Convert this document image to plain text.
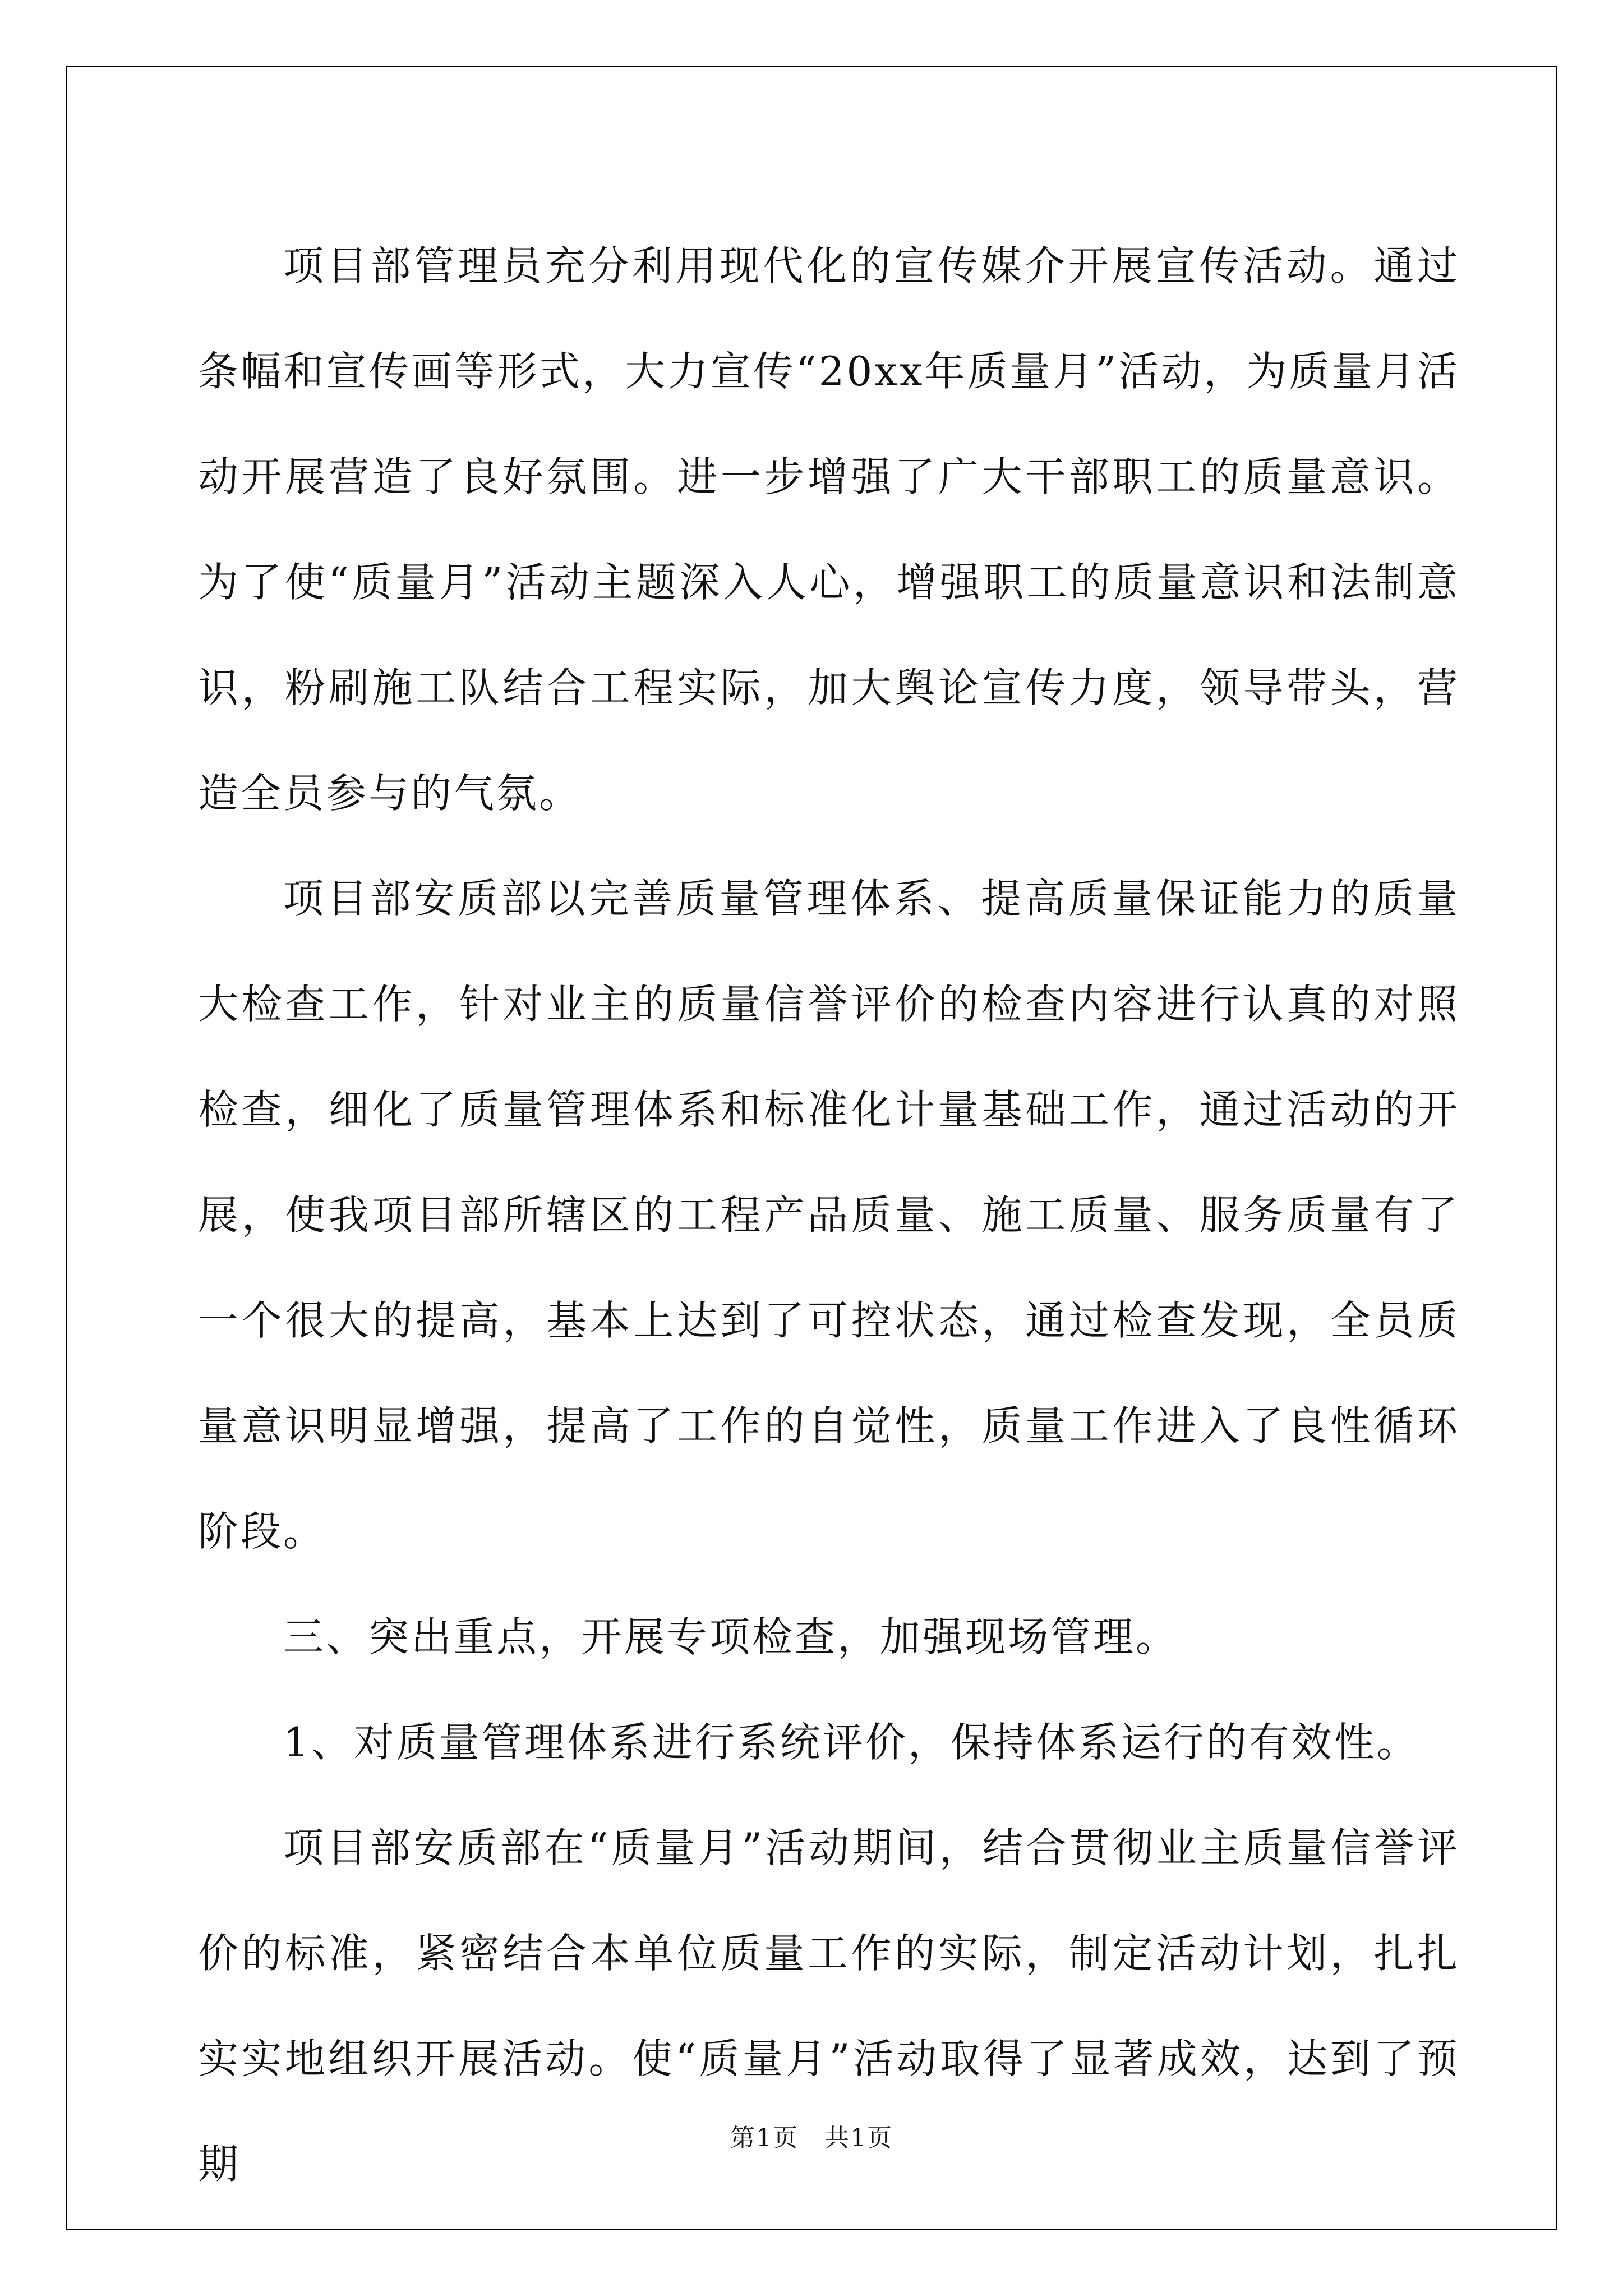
项目部管理员充分利用现代化的宣传媒介开展宣传活动。通过条幅和宣传画等形式，大力宣传“20xx年质量月”活动，为质量月活动开展营造了良好氛围。进一步增强了广大干部职工的质量意识。为了使“质量月”活动主题深入人心，增强职工的质量意识和法制意识，粉刷施工队结合工程实际，加大舆论宣传力度，领导带头，营造全员参与的气氛。

项目部安质部以完善质量管理体系、提高质量保证能力的质量大检查工作，针对业主的质量信誉评价的检查内容进行认真的对照检查，细化了质量管理体系和标准化计量基础工作，通过活动的开展，使我项目部所辖区的工程产品质量、施工质量、服务质量有了一个很大的提高，基本上达到了可控状态，通过检查发现，全员质量意识明显增强，提高了工作的自觉性，质量工作进入了良性循环阶段。

三、突出重点，开展专项检查，加强现场管理。

1、对质量管理体系进行系统评价，保持体系运行的有效性。

项目部安质部在“质量月”活动期间，结合贯彻业主质量信誉评价的标准，紧密结合本单位质量工作的实际，制定活动计划，扎扎实实地组织开展活动。使“质量月”活动取得了显著成效，达到了预期

第1页　共1页
